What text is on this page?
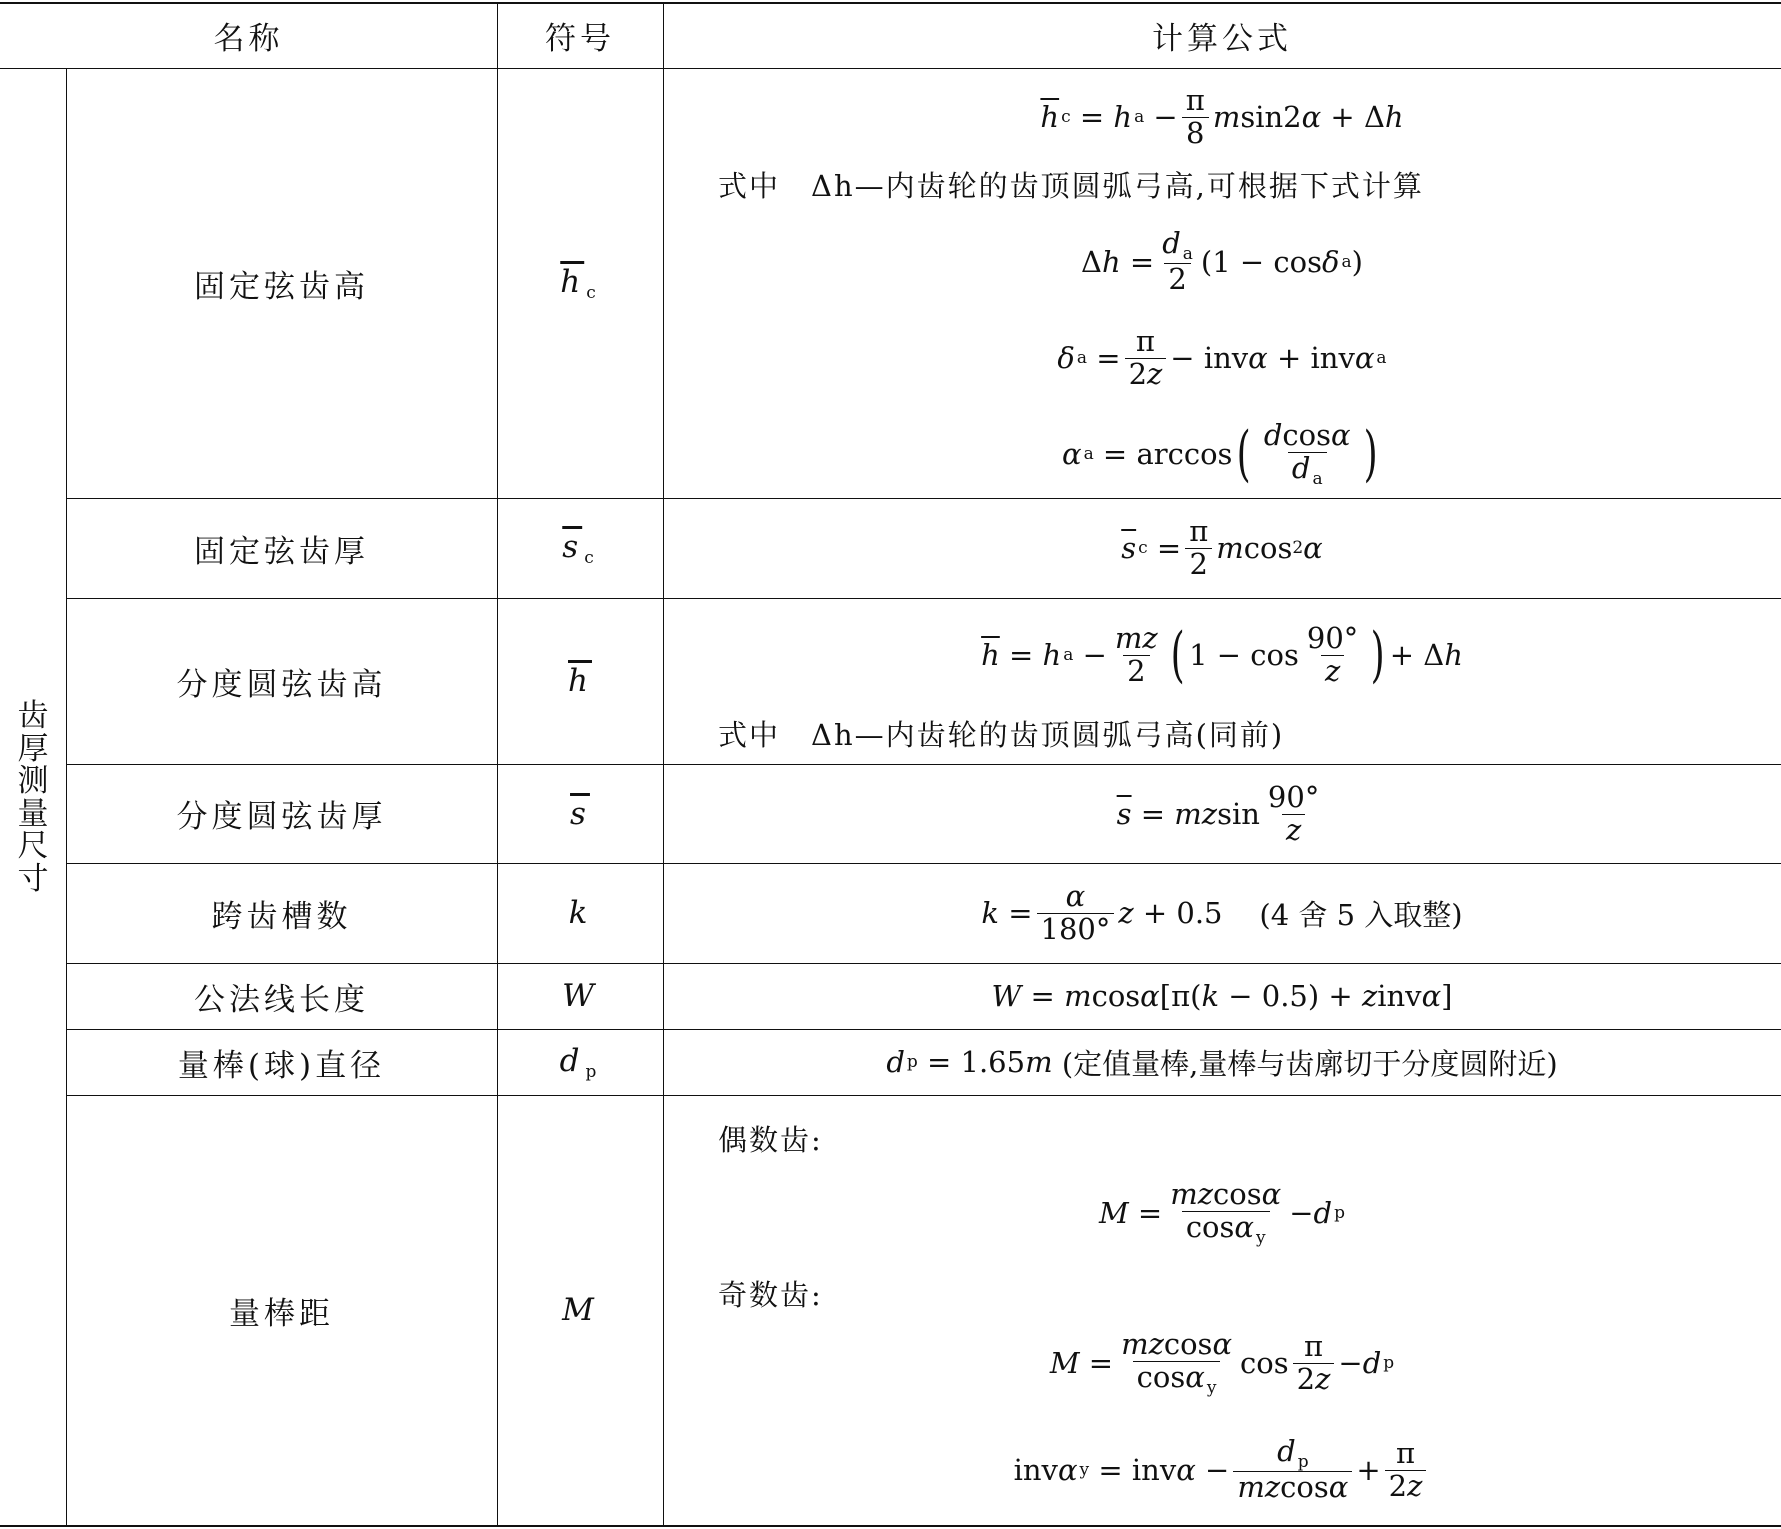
名称	符号	计算公式
齿
厚
测
量
尺
寸
固定弦齿高
固定弦齿厚
分度圆弦齿高
分度圆弦齿厚
跨齿槽数
公法线长度
量棒(球)直径
量棒距
$\overline{h}$ $_c$
$\overline{s}$ $_c$
$\overline{h}$
$\overline{s}$
k
W
d $_p$
M
$\overline{h}$ c = h $a - \frac{\pi}{8}$ m sin2 α + Δ h
式中　Δh—内齿轮的齿顶圆弧弓高,可根据下式计算
Δ $h = \frac{d _a}{2} (1 - \cos \delta$ a )
δ $a = \frac{\pi}{2z}$ − inv α + inv α a
α a = arccos ( $\frac{dcos\alpha}{d _a}$ )
$\overline{s}$ $c = \frac{\pi}{2}$ m cos 2 α
$\overline{h} = h$ $a - \frac{mz}{2}$ ( $1 - \cos \frac{90^\circ}{z}$ ) + Δ h
式中　Δh—内齿轮的齿顶圆弧弓高(同前)
$\overline{s}$ = mz $\sin \frac{90^\circ}{z}$
$k = \frac{\alpha}{180^\circ}$ z + 0.5 (4 舍 5 入取整)
W = m cos α [π( k − 0.5) + z inv α ]
d p = 1.65 m
(定值量棒,量棒与齿廓切于分度圆附近)
偶数齿:
$M = \frac{mzcos\alpha}{\cos\alpha _y} - d$ p
奇数齿:
$M = \frac{mzcos\alpha}{\cos\alpha _y}$ $\cos \frac{\pi}{2z} - d$ p
inv α y = inv $\alpha - \frac{d _p}{mzcos\alpha} + \frac{\pi}{2z}$
